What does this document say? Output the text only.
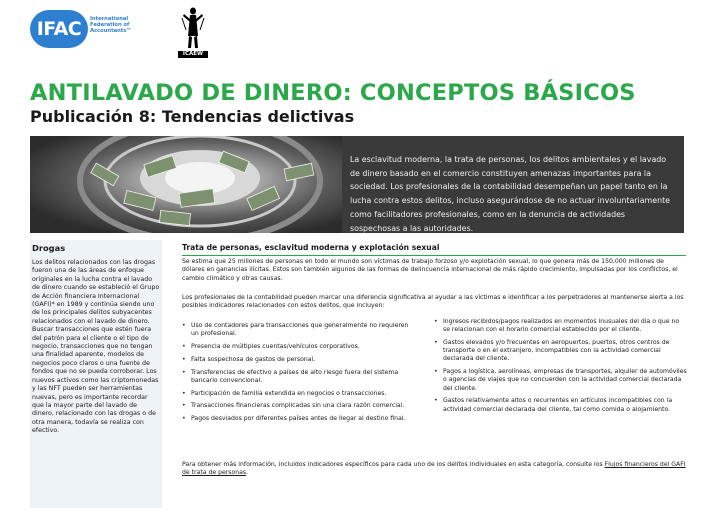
IFAC	International Federation of Accountants™
ICAEW
ANTILAVADO DE DINERO: CONCEPTOS BÁSICOS
Publicación 8: Tendencias delictivas

La esclavitud moderna, la trata de personas, los delitos ambientales y el lavado de dinero basado en el comercio constituyen amenazas importantes para la sociedad. Los profesionales de la contabilidad desempeñan un papel tanto en la lucha contra estos delitos, incluso asegurándose de no actuar involuntariamente como facilitadores profesionales, como en la denuncia de actividades sospechosas a las autoridades.

Drogas

Los delitos relacionados con las drogas fueron una de las áreas de enfoque originales en la lucha contra el lavado de dinero cuando se estableció el Grupo de Acción financiera Internacional (GAFI)* en 1989 y continúa siendo uno de los principales delitos subyacentes relacionados con el lavado de dinero. Buscar transacciones que estén fuera del patrón para el cliente o el tipo de negocio, transacciones que no tengan una finalidad aparente, modelos de negocios poco claros o una fuente de fondos que no se pueda corroborar. Los nuevos activos como las criptomonedas y las NFT pueden ser herramientas nuevas, pero es importante recordar que la mayor parte del lavado de dinero, relacionado con las drogas o de otra manera, todavía se realiza con efectivo.

Trata de personas, esclavitud moderna y explotación sexual

Se estima que 25 millones de personas en todo el mundo son víctimas de trabajo forzoso y/o explotación sexual, lo que genera más de 150,000 millones de dólares en ganancias ilícitas. Estos son también algunos de las formas de delincuencia internacional de más rápido crecimiento, impulsadas por los conflictos, el cambio climático y otras causas.

Los profesionales de la contabilidad pueden marcar una diferencia significativa al ayudar a las víctimas e identificar a los perpetradores al mantenerse alerta a los posibles indicadores relacionados con estos delitos, que incluyen:

• Uso de contadores para transacciones que generalmente no requieren un profesional.
• Presencia de múltiples cuentas/vehículos corporativos.
• Falta sospechosa de gastos de personal.
• Transferencias de efectivo a países de alto riesgo fuera del sistema bancario convencional.
• Participación de familia extendida en negocios o transacciones.
• Transacciones financieras complicadas sin una clara razón comercial.
• Pagos desviados por diferentes países antes de llegar al destino final.
• Ingresos recibidos/pagos realizados en momentos inusuales del día o que no se relacionan con el horario comercial establecido por el cliente.
• Gastos elevados y/o frecuentes en aeropuertos, puertos, otros centros de transporte o en el extranjero, incompatibles con la actividad comercial declarada del cliente.
• Pagos a logística, aerolíneas, empresas de transportes, alquiler de automóviles o agencias de viajes que no concuerden con la actividad comercial declarada del cliente.
• Gastos relativamente altos o recurrentes en artículos incompatibles con la actividad comercial declarada del cliente, tal como comida o alojamiento.

Para obtener más información, incluidos indicadores específicos para cada uno de los delitos individuales en esta categoría, consulte los Flujos financieros del GAFI de trata de personas.
